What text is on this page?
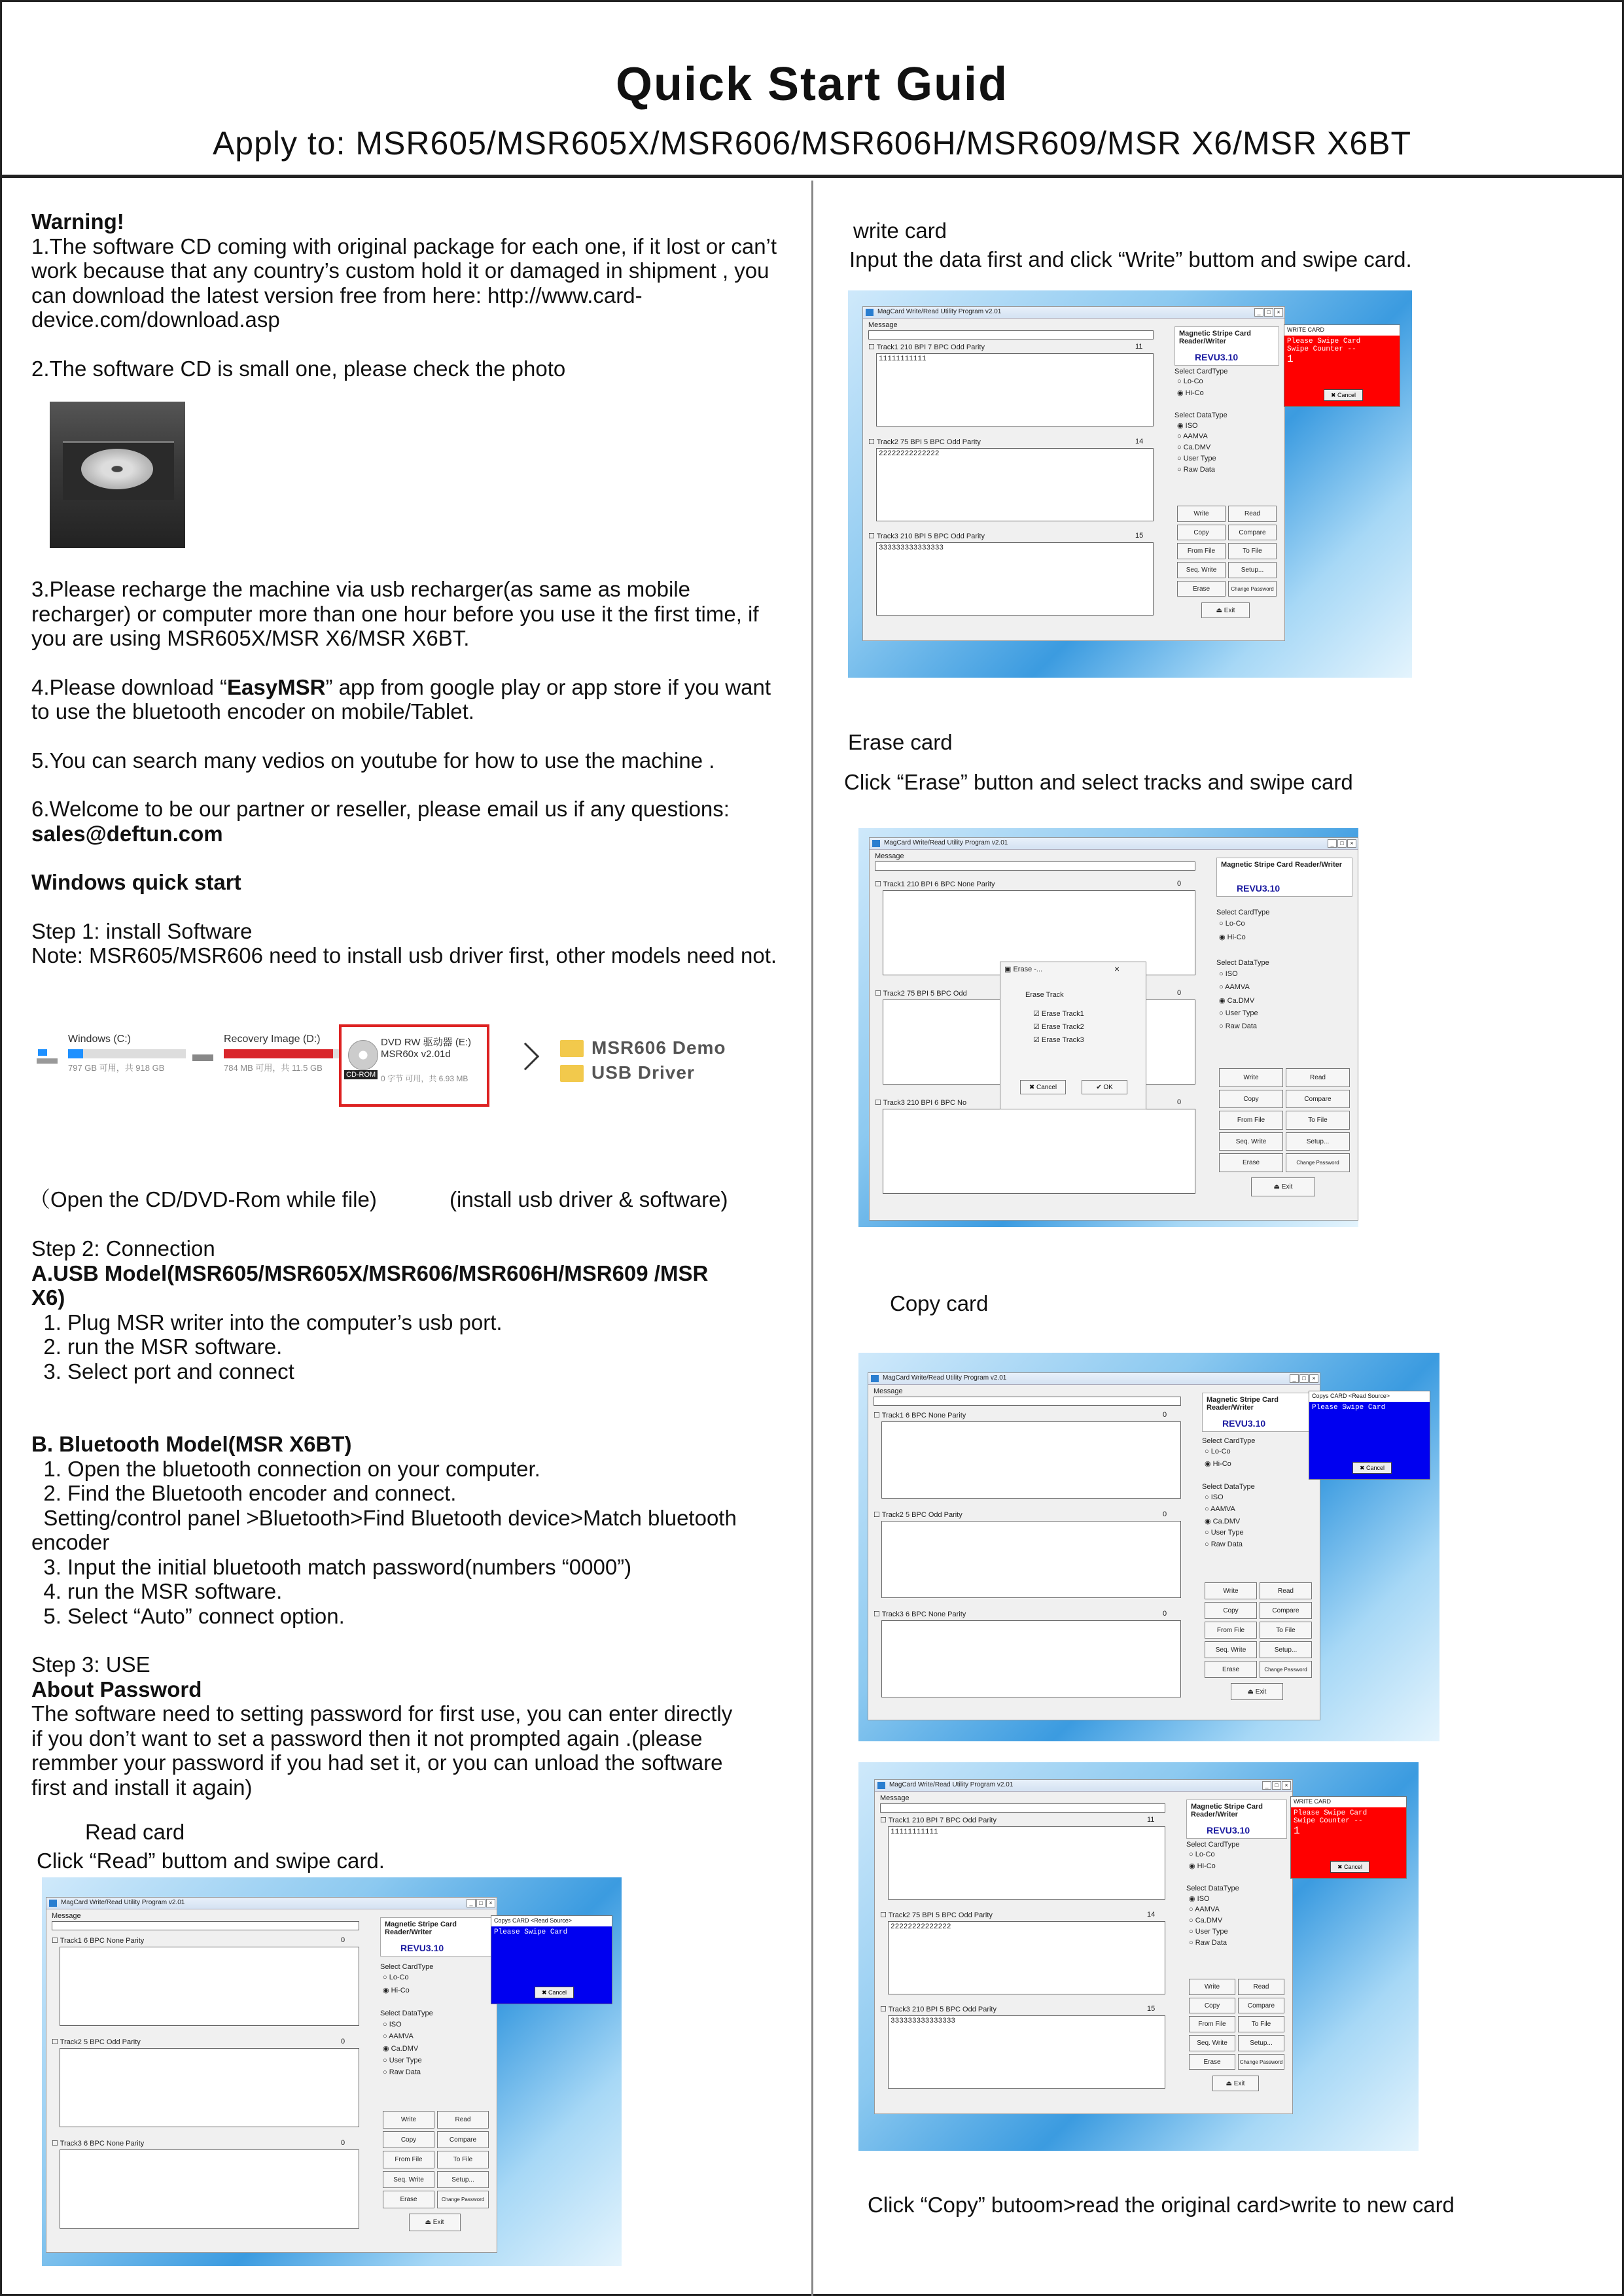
Quick Start Guid
Apply to: MSR605/MSR605X/MSR606/MSR606H/MSR609/MSR X6/MSR X6BT

Warning!

1.The software CD coming with original package for each one, if it lost or can’t work because that any country’s custom hold it or damaged in shipment , you can download the latest version free from here: http://www.card-device.com/download.asp

2.The software CD is small one, please check the photo

3.Please recharge the machine via usb recharger(as same as mobile recharger) or computer more than one hour before you use it the first time, if you are using MSR605X/MSR X6/MSR X6BT.

4.Please download “EasyMSR” app from google play or app store if you want to use the bluetooth encoder on mobile/Tablet.

5.You can search many vedios on youtube for how to use the machine .

6.Welcome to be our partner or reseller, please email us if any questions: sales@deftun.com

Windows quick start

Step 1: install Software

Note: MSR605/MSR606 need to install usb driver first, other models need not.

Windows (C:)
797 GB 可用，共 918 GB
Recovery Image (D:)
784 MB 可用，共 11.5 GB
CD-ROM
DVD RW 驱动器 (E:) MSR60x v2.01d
0 字节 可用，共 6.93 MB
MSR606 Demo
USB Driver
（Open the CD/DVD-Rom while file)	(install usb driver & software)

Step 2: Connection

A.USB Model(MSR605/MSR605X/MSR606/MSR606H/MSR609 /MSR X6)

1. Plug MSR writer into the computer’s usb port.

2. run the MSR software.

3. Select port and connect

B. Bluetooth Model(MSR X6BT)

1. Open the bluetooth connection on your computer.

2. Find the Bluetooth encoder and connect.

Setting/control panel >Bluetooth>Find Bluetooth device>Match bluetooth encoder

3. Input the initial bluetooth match password(numbers “0000”)

4. run the MSR software.

5. Select “Auto” connect option.

Step 3: USE

About Password

The software need to setting password for first use, you can enter directly if you don’t want to set a password then it not prompted again .(please remmber your password if you had set it, or you can unload the software first and install it again)

Read card
Click “Read” buttom and swipe card.
write card
Input the data first and click “Write” buttom and swipe card.
Erase card
Click “Erase” button and select tracks and swipe card
Copy card
Click “Copy” butoom>read the original card>write to new card
MagCard Write/Read Utility Program v2.01	_	□	×
Message
☐ Track1 210 BPI 7 BPC Odd Parity	11
11111111111
☐ Track2 75 BPI 5 BPC Odd Parity	14
22222222222222
☐ Track3 210 BPI 5 BPC Odd Parity	15
333333333333333
Magnetic Stripe Card Reader/Writer
REVU3.10
Select CardType
○ Lo-Co
◉ Hi-Co
Select DataType
◉ ISO
○ AAMVA
○ Ca.DMV
○ User Type
○ Raw Data
Write	Read
Copy	Compare
From File	To File
Seq. Write	Setup...
Erase	Change Password
⏏ Exit
WRITE CARD
Please Swipe Card
Swipe Counter --
1
✖ Cancel
MagCard Write/Read Utility Program v2.01	_	□	×
Message
☐ Track1 210 BPI 6 BPC None Parity	0
☐ Track2 75 BPI 5 BPC Odd	0
☐ Track3 210 BPI 6 BPC No	0
Magnetic Stripe Card Reader/Writer
REVU3.10
Select CardType
○ Lo-Co
◉ Hi-Co
Select DataType
○ ISO
○ AAMVA
◉ Ca.DMV
○ User Type
○ Raw Data
Write	Read
Copy	Compare
From File	To File
Seq. Write	Setup...
Erase	Change Password
⏏ Exit
▣ Erase -...	×
Erase Track
☑ Erase Track1
☑ Erase Track2
☑ Erase Track3
✖ Cancel	✔ OK
MagCard Write/Read Utility Program v2.01	_	□	×
Message
☐ Track1 6 BPC None Parity	0
☐ Track2 5 BPC Odd Parity	0
☐ Track3 6 BPC None Parity	0
Magnetic Stripe Card Reader/Writer
REVU3.10
Select CardType
○ Lo-Co
◉ Hi-Co
Select DataType
○ ISO
○ AAMVA
◉ Ca.DMV
○ User Type
○ Raw Data
Write	Read
Copy	Compare
From File	To File
Seq. Write	Setup...
Erase	Change Password
⏏ Exit
Copys CARD <Read Source>
Please Swipe Card
✖ Cancel
MagCard Write/Read Utility Program v2.01	_	□	×
Message
☐ Track1 210 BPI 7 BPC Odd Parity	11
11111111111
☐ Track2 75 BPI 5 BPC Odd Parity	14
22222222222222
☐ Track3 210 BPI 5 BPC Odd Parity	15
333333333333333
Magnetic Stripe Card Reader/Writer
REVU3.10
Select CardType
○ Lo-Co
◉ Hi-Co
Select DataType
◉ ISO
○ AAMVA
○ Ca.DMV
○ User Type
○ Raw Data
Write	Read
Copy	Compare
From File	To File
Seq. Write	Setup...
Erase	Change Password
⏏ Exit
WRITE CARD
Please Swipe Card
Swipe Counter --
1
✖ Cancel
MagCard Write/Read Utility Program v2.01	_	□	×
Message
☐ Track1 6 BPC None Parity	0
☐ Track2 5 BPC Odd Parity	0
☐ Track3 6 BPC None Parity	0
Magnetic Stripe Card Reader/Writer
REVU3.10
Select CardType
○ Lo-Co
◉ Hi-Co
Select DataType
○ ISO
○ AAMVA
◉ Ca.DMV
○ User Type
○ Raw Data
Write	Read
Copy	Compare
From File	To File
Seq. Write	Setup...
Erase	Change Password
⏏ Exit
Copys CARD <Read Source>
Please Swipe Card
✖ Cancel
